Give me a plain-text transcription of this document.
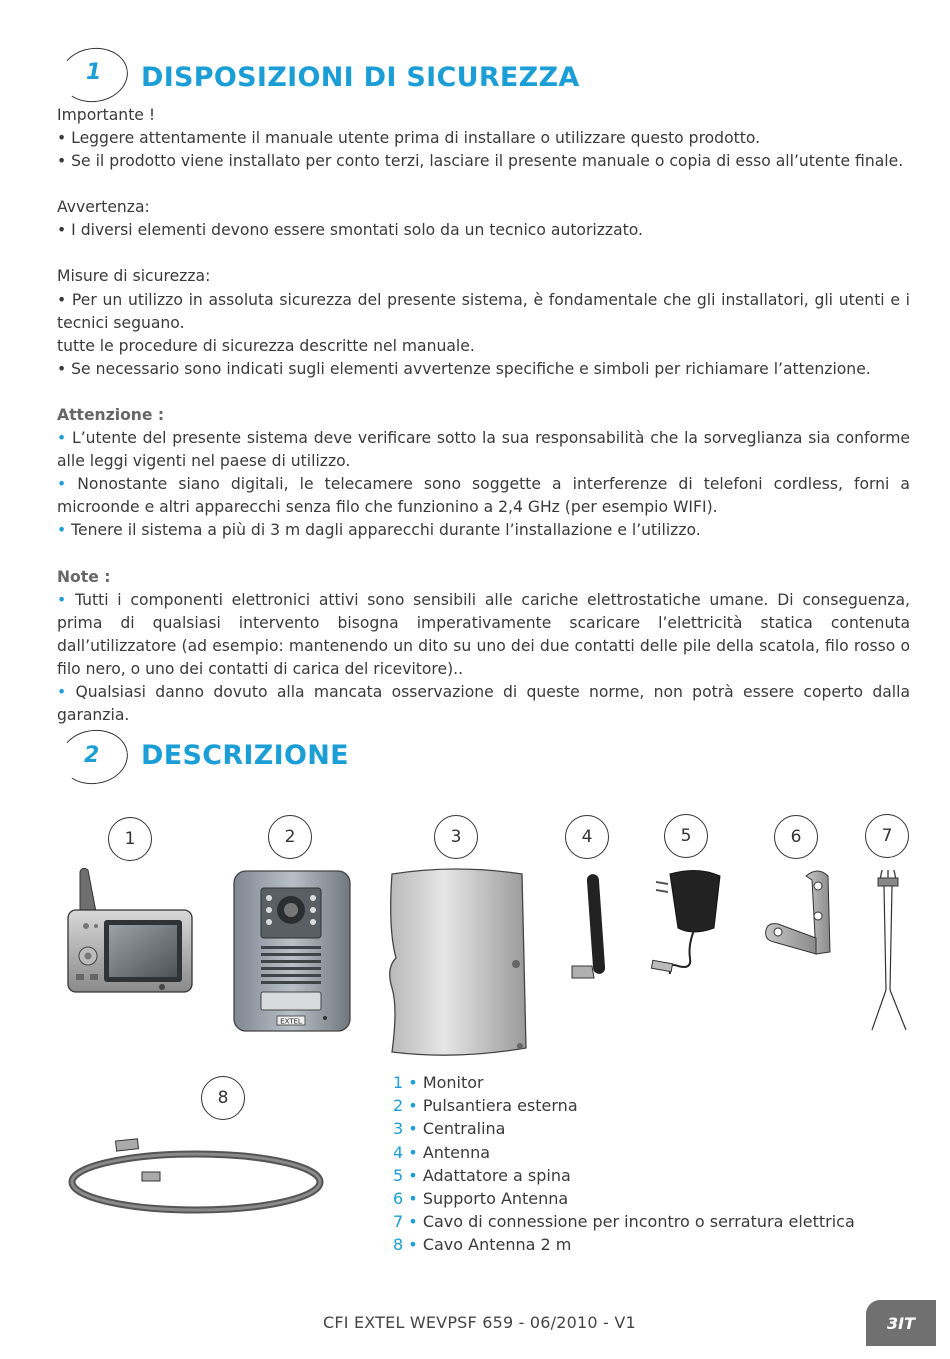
1 DISPOSIZIONI DI SICUREZZA

Importante !

• Leggere attentamente il manuale utente prima di installare o utilizzare questo prodotto.

• Se il prodotto viene installato per conto terzi, lasciare il presente manuale o copia di esso all’utente finale.

Avvertenza:

• I diversi elementi devono essere smontati solo da un tecnico autorizzato.

Misure di sicurezza:

• Per un utilizzo in assoluta sicurezza del presente sistema, è fondamentale che gli installatori, gli utenti e i tecnici seguano.

tutte le procedure di sicurezza descritte nel manuale.

• Se necessario sono indicati sugli elementi avvertenze specifiche e simboli per richiamare l’attenzione.

Attenzione :

• L’utente del presente sistema deve verificare sotto la sua responsabilità che la sorveglianza sia conforme alle leggi vigenti nel paese di utilizzo.

• Nonostante siano digitali, le telecamere sono soggette a interferenze di telefoni cordless, forni a microonde e altri apparecchi senza filo che funzionino a 2,4 GHz (per esempio WIFI).

• Tenere il sistema a più di 3 m dagli apparecchi durante l’installazione e l’utilizzo.

Note :

• Tutti i componenti elettronici attivi sono sensibili alle cariche elettrostatiche umane. Di conseguenza, prima di qualsiasi intervento bisogna imperativamente scaricare l’elettricità statica contenuta dall’utilizzatore (ad esempio: mantenendo un dito su uno dei due contatti delle pile della scatola, filo rosso o filo nero, o uno dei contatti di carica del ricevitore)..

• Qualsiasi danno dovuto alla mancata osservazione di queste norme, non potrà essere coperto dalla garanzia.

2 DESCRIZIONE
1	2	3	4	5	6	7
8
EXTEL
1 • Monitor
2 • Pulsantiera esterna
3 • Centralina
4 • Antenna
5 • Adattatore a spina
6 • Supporto Antenna
7 • Cavo di connessione per incontro o serratura elettrica
8 • Cavo Antenna 2 m
CFI EXTEL WEVPSF 659 - 06/2010 - V1	3IT
